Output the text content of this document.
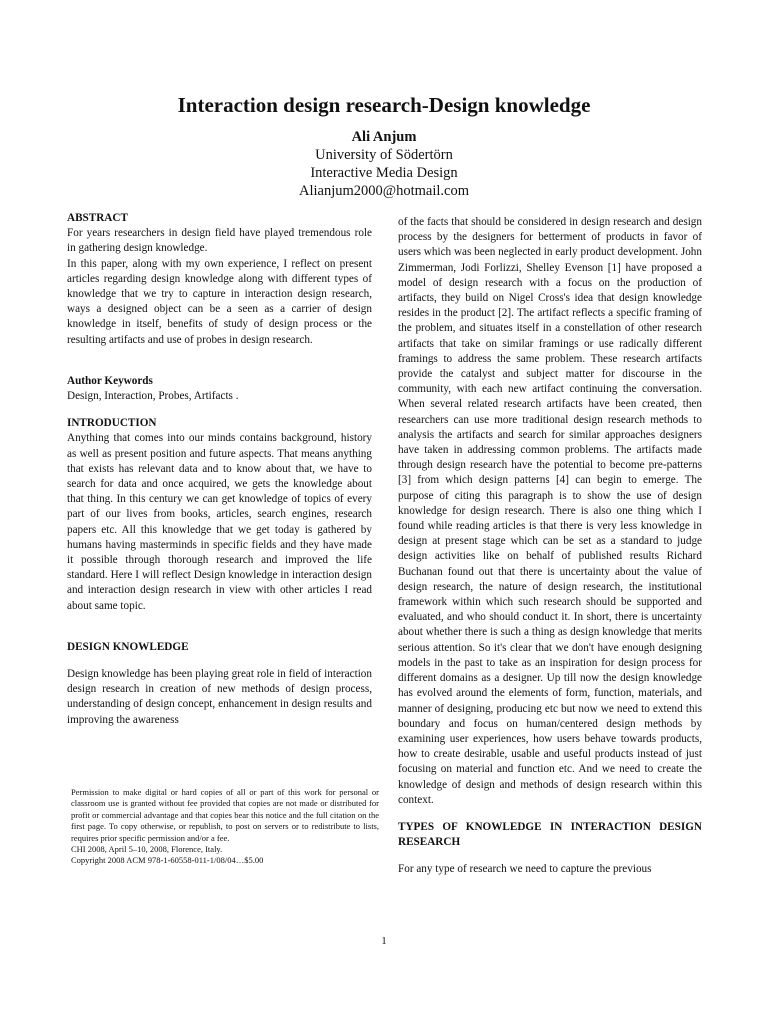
Interaction design research-Design knowledge
Ali Anjum
University of Södertörn
Interactive Media Design
Alianjum2000@hotmail.com
ABSTRACT

For years researchers in design field have played tremendous role in gathering design knowledge.

In this paper, along with my own experience, I reflect on present articles regarding design knowledge along with different types of knowledge that we try to capture in interaction design research, ways a designed object can be a seen as a carrier of design knowledge in itself, benefits of study of design process or the resulting artifacts and use of probes in design research.

Author Keywords

Design, Interaction, Probes, Artifacts .

INTRODUCTION

Anything that comes into our minds contains background, history as well as present position and future aspects. That means anything that exists has relevant data and to know about that, we have to search for data and once acquired, we gets the knowledge about that thing. In this century we can get knowledge of topics of every part of our lives from books, articles, search engines, research papers etc. All this knowledge that we get today is gathered by humans having masterminds in specific fields and they have made it possible through thorough research and improved the life standard. Here I will reflect Design knowledge in interaction design and interaction design research in view with other articles I read about same topic.

DESIGN KNOWLEDGE

Design knowledge has been playing great role in field of interaction design research in creation of new methods of design process, understanding of design concept, enhancement in design results and improving the awareness

Permission to make digital or hard copies of all or part of this work for personal or classroom use is granted without fee provided that copies are not made or distributed for profit or commercial advantage and that copies bear this notice and the full citation on the first page. To copy otherwise, or republish, to post on servers or to redistribute to lists, requires prior specific permission and/or a fee.

CHI 2008, April 5–10, 2008, Florence, Italy.

Copyright 2008 ACM 978-1-60558-011-1/08/04…$5.00

of the facts that should be considered in design research and design process by the designers for betterment of products in favor of users which was been neglected in early product development. John Zimmerman, Jodi Forlizzi, Shelley Evenson [1] have proposed a model of design research with a focus on the production of artifacts, they build on Nigel Cross's idea that design knowledge resides in the product [2]. The artifact reflects a specific framing of the problem, and situates itself in a constellation of other research artifacts that take on similar framings or use radically different framings to address the same problem. These research artifacts provide the catalyst and subject matter for discourse in the community, with each new artifact continuing the conversation. When several related research artifacts have been created, then researchers can use more traditional design research methods to analysis the artifacts and search for similar approaches designers have taken in addressing common problems. The artifacts made through design research have the potential to become pre-patterns [3] from which design patterns [4] can begin to emerge. The purpose of citing this paragraph is to show the use of design knowledge for design research. There is also one thing which I found while reading articles is that there is very less knowledge in design at present stage which can be set as a standard to judge design activities like on behalf of published results Richard Buchanan found out that there is uncertainty about the value of design research, the nature of design research, the institutional framework within which such research should be supported and evaluated, and who should conduct it. In short, there is uncertainty about whether there is such a thing as design knowledge that merits serious attention. So it's clear that we don't have enough designing models in the past to take as an inspiration for design process for different domains as a designer. Up till now the design knowledge has evolved around the elements of form, function, materials, and manner of designing, producing etc but now we need to extend this boundary and focus on human/centered design methods by examining user experiences, how users behave towards products, how to create desirable, usable and useful products instead of just focusing on material and function etc. And we need to create the knowledge of design and methods of design research within this context.

TYPES OF KNOWLEDGE IN INTERACTION DESIGN RESEARCH

For any type of research we need to capture the previous

1
